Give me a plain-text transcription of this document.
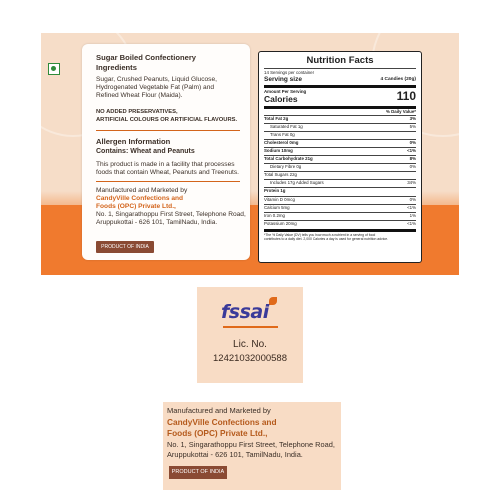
Sugar Boiled Confectionery
Ingredients
Sugar, Crushed Peanuts, Liquid Glucose,
Hydrogenated Vegetable Fat (Palm) and
Refined Wheat Flour (Maida).
NO ADDED PRESERVATIVES,
ARTIFICIAL COLOURS OR ARTIFICIAL FLAVOURS.
Allergen Information
Contains: Wheat and Peanuts
This product is made in a facility that processes
foods that contain Wheat, Peanuts and Treenuts.
Manufactured and Marketed by
CandyVille Confections and
Foods (OPC) Private Ltd.,
No. 1, Singarathoppu First Street, Telephone Road,
Aruppukottai - 626 101, TamilNadu, India.
PRODUCT OF INDIA
Nutrition Facts
14 Servings per container
Serving size	4 Candies (20g)
Amount Per Serving
Calories	110
% Daily Value*
Total Fat 2g	3%
Saturated Fat 1g	5%
Trans Fat 0g
Cholesterol 0mg	0%
Sodium 10mg	<1%
Total Carbohydrate 21g	8%
Dietary Fibre 0g	0%
Total Sugars 22g
Includes 17g Added Sugars	34%
Protein 1g
Vitamin D 0mcg	0%
Calcium 5mg	<1%
Iron 0.2mg	1%
Potassium 20mg	<1%
*The % Daily Value (DV) tells you how much a nutrient in a serving of food
contributes to a daily diet. 2,000 Calories a day is used for general nutrition advice.
fssai
Lic. No.
12421032000588
Manufactured and Marketed by
CandyVille Confections and
Foods (OPC) Private Ltd.,
No. 1, Singarathoppu First Street, Telephone Road,
Aruppukottai - 626 101, TamilNadu, India.
PRODUCT OF INDIA
